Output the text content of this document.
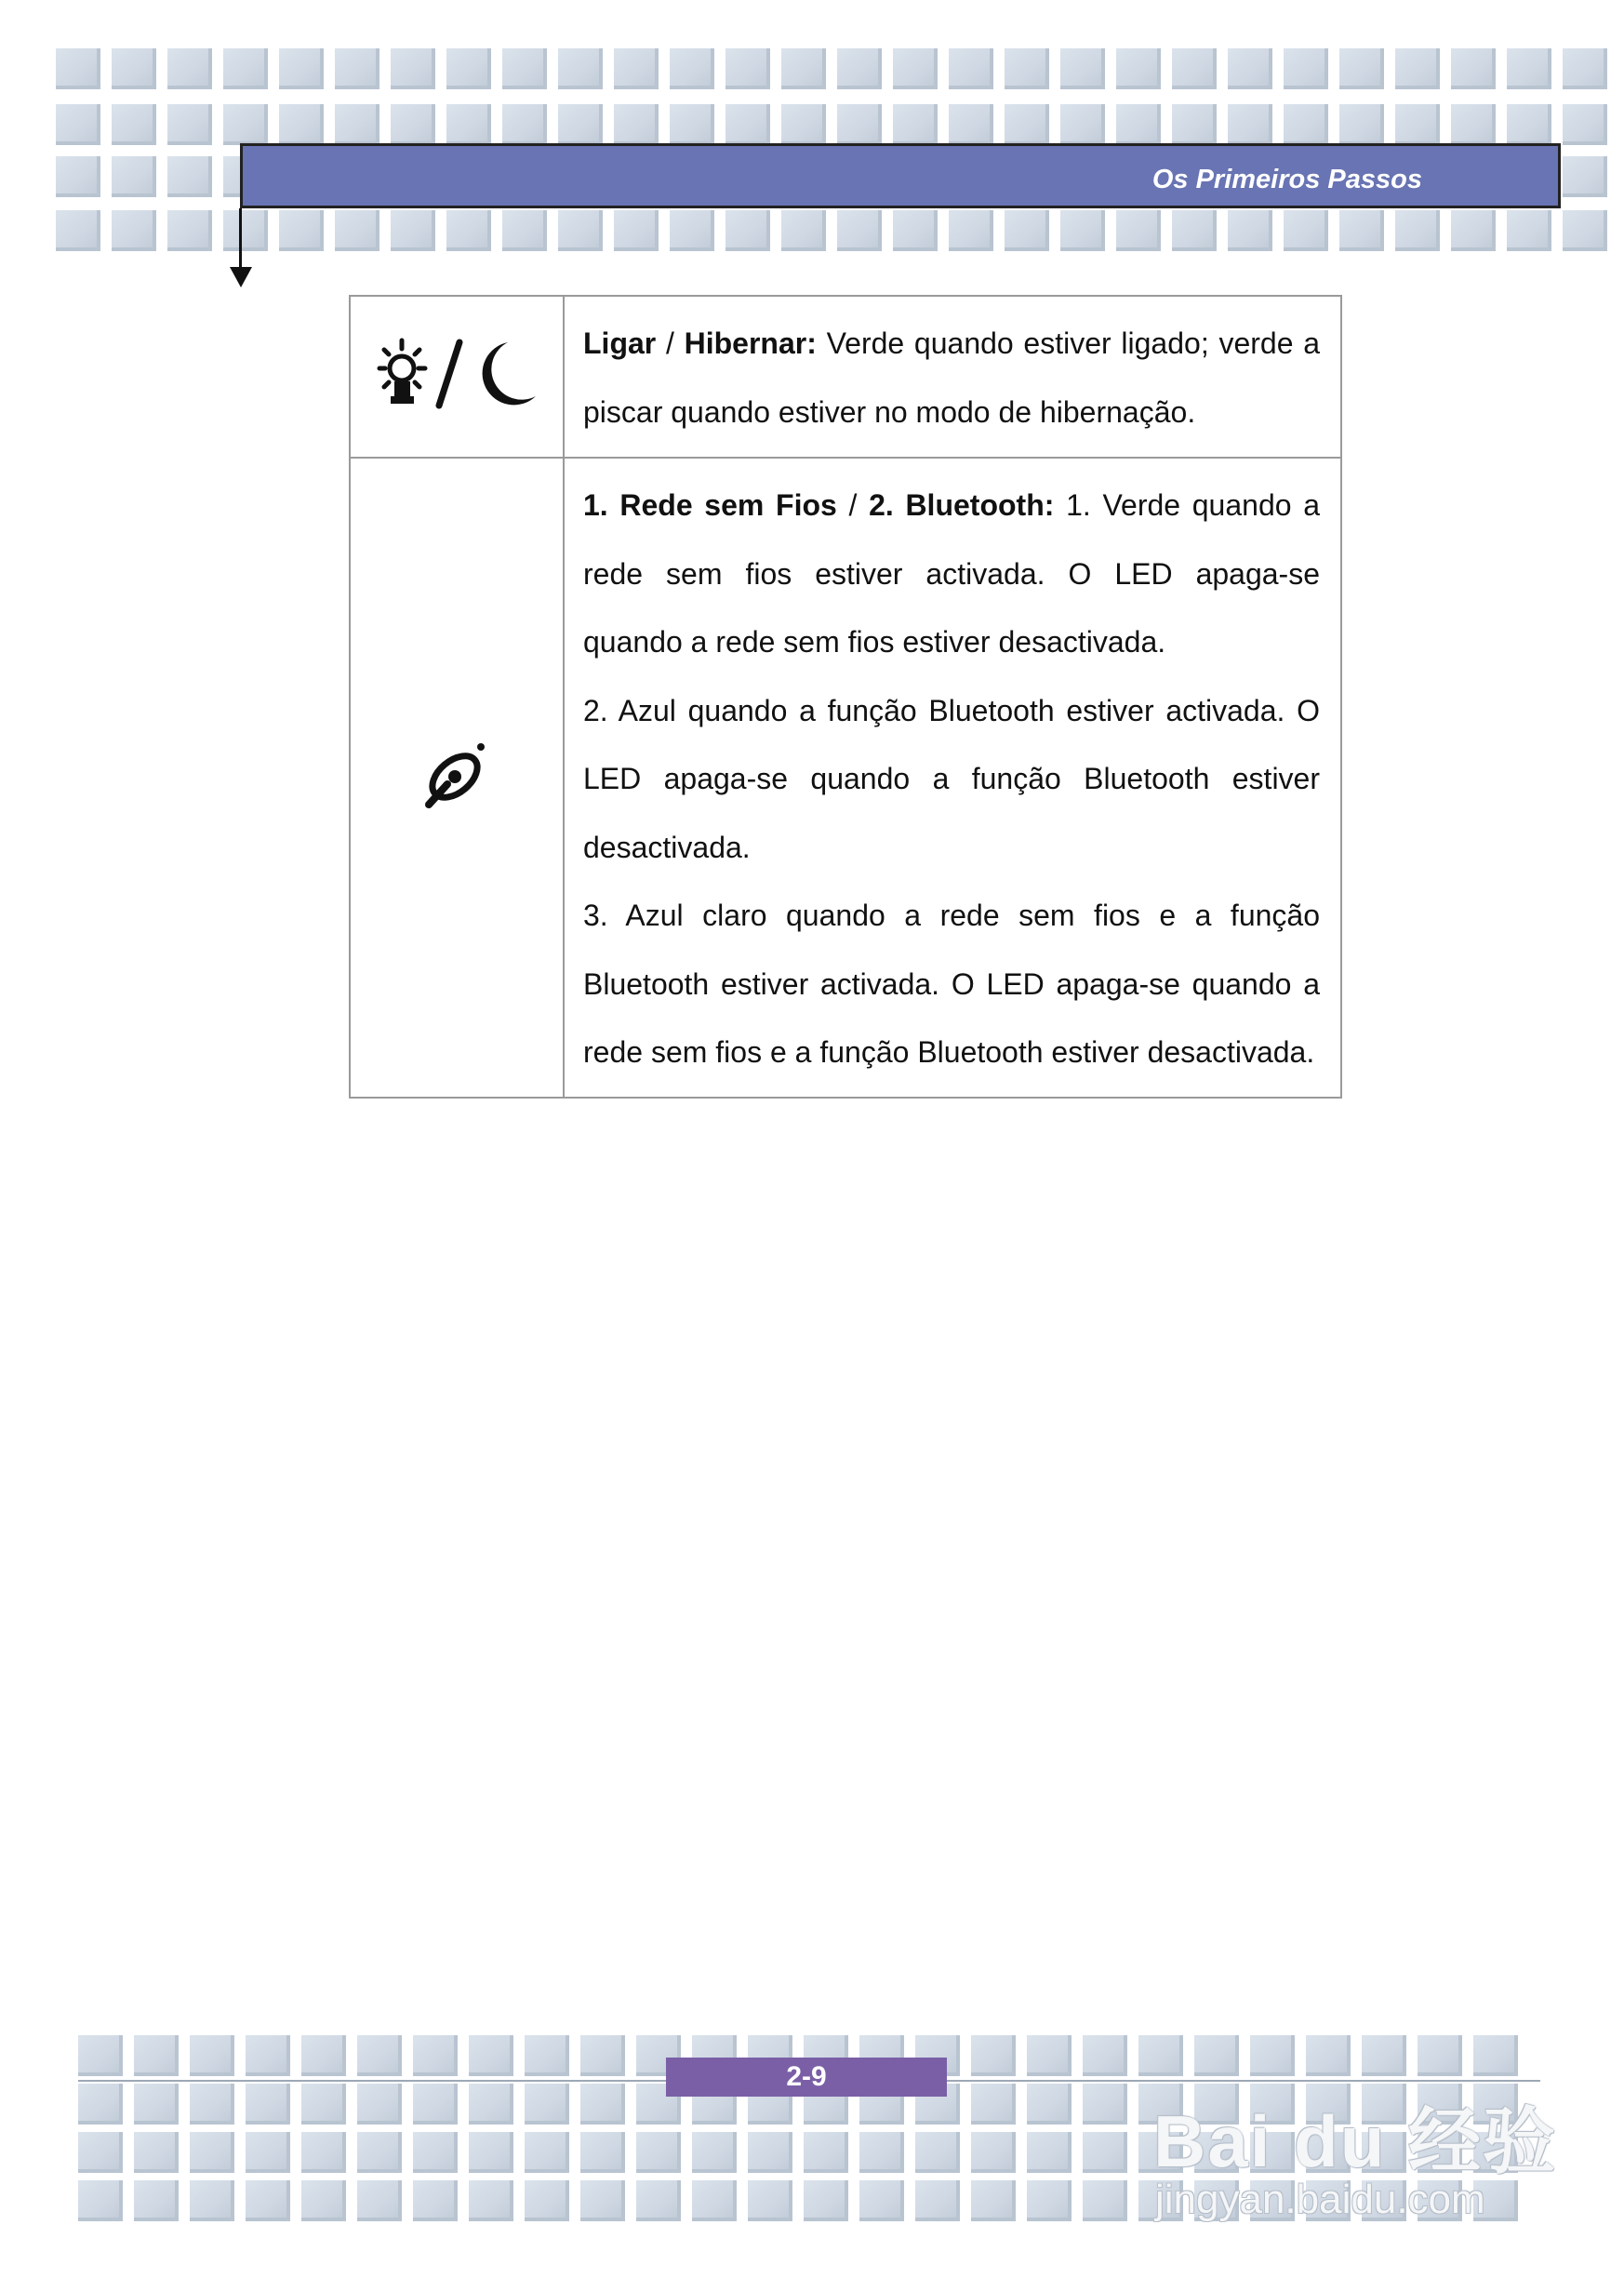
Os Primeiros Passos

Ligar / Hibernar: Verde quando estiver ligado; verde a piscar quando estiver no modo de hibernação.

1. Rede sem Fios / 2. Bluetooth: 1. Verde quando a rede sem fios estiver activada. O LED apaga-se quando a rede sem fios estiver desactivada.

2. Azul quando a função Bluetooth estiver activada. O LED apaga-se quando a função Bluetooth estiver desactivada.

3. Azul claro quando a rede sem fios e a função Bluetooth estiver activada. O LED apaga-se quando a rede sem fios e a função Bluetooth estiver desactivada.

2-9
Bai du 经验
jingyan.baidu.com
